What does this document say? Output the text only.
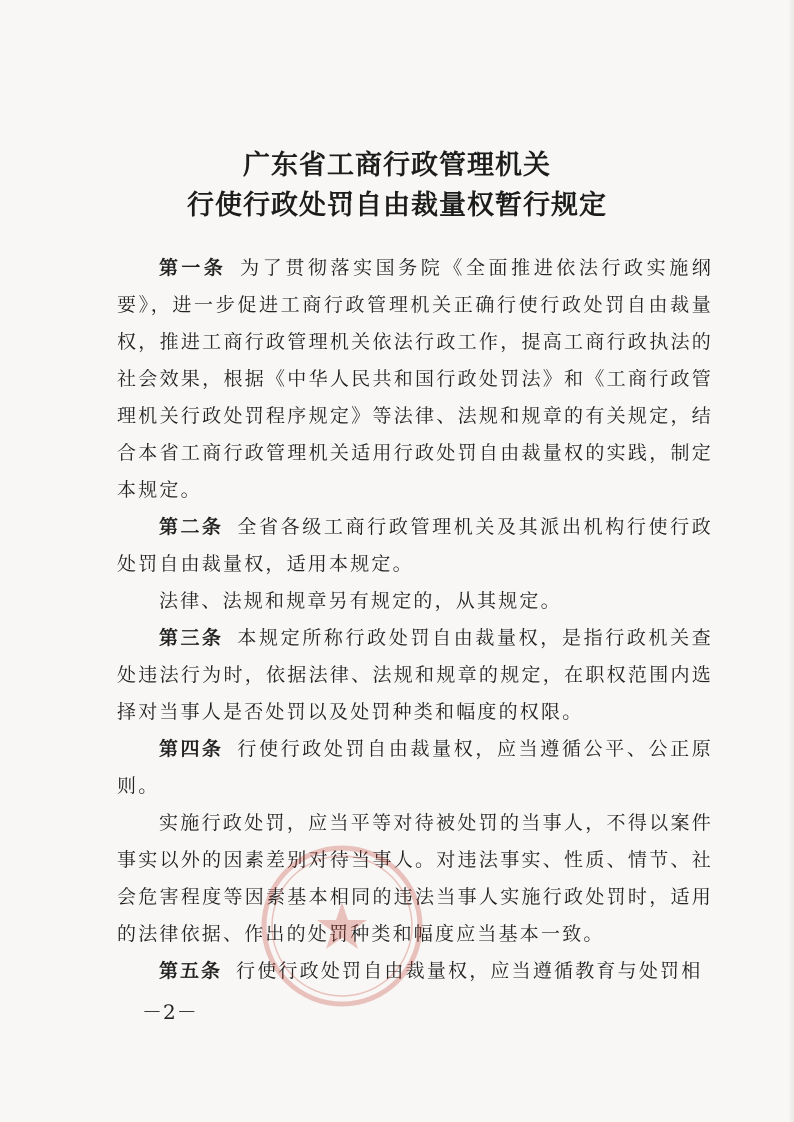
广东省工商行政管理机关
行使行政处罚自由裁量权暂行规定

第一条 为了贯彻落实国务院《全面推进依法行政实施纲要》，进一步促进工商行政管理机关正确行使行政处罚自由裁量权，推进工商行政管理机关依法行政工作，提高工商行政执法的社会效果，根据《中华人民共和国行政处罚法》和《工商行政管理机关行政处罚程序规定》等法律、法规和规章的有关规定，结合本省工商行政管理机关适用行政处罚自由裁量权的实践，制定本规定。

第二条 全省各级工商行政管理机关及其派出机构行使行政处罚自由裁量权，适用本规定。

法律、法规和规章另有规定的，从其规定。

第三条 本规定所称行政处罚自由裁量权，是指行政机关查处违法行为时，依据法律、法规和规章的规定，在职权范围内选择对当事人是否处罚以及处罚种类和幅度的权限。

第四条 行使行政处罚自由裁量权，应当遵循公平、公正原则。

实施行政处罚，应当平等对待被处罚的当事人，不得以案件事实以外的因素差别对待当事人。对违法事实、性质、情节、社会危害程度等因素基本相同的违法当事人实施行政处罚时，适用的法律依据、作出的处罚种类和幅度应当基本一致。

第五条 行使行政处罚自由裁量权，应当遵循教育与处罚相

－2－
